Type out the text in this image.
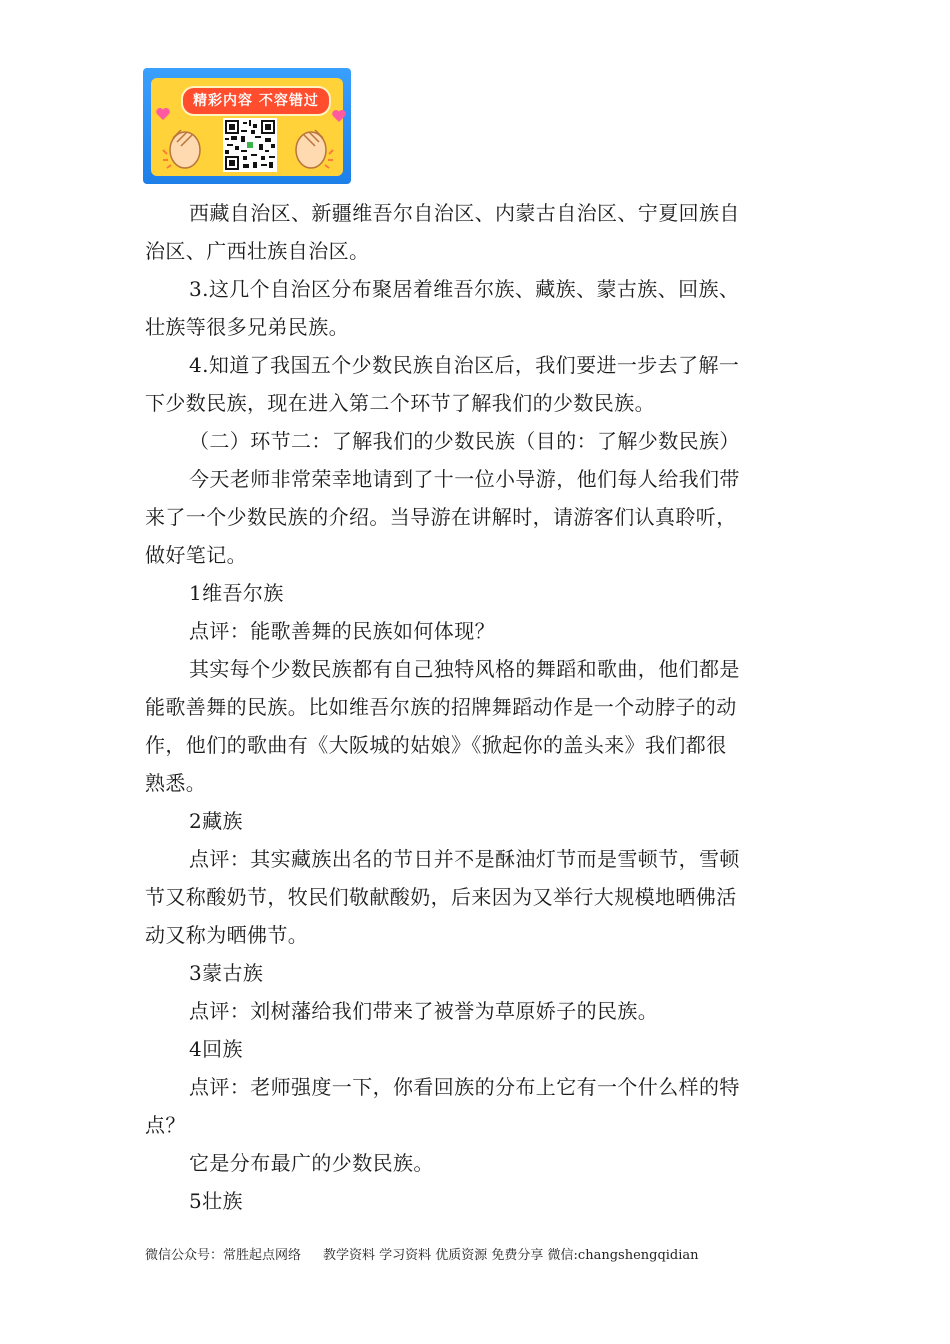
精彩内容 不容错过
西藏自治区、新疆维吾尔自治区、内蒙古自治区、宁夏回族自
治区、广西壮族自治区。
3.这几个自治区分布聚居着维吾尔族、藏族、蒙古族、回族、
壮族等很多兄弟民族。
4.知道了我国五个少数民族自治区后，我们要进一步去了解一
下少数民族，现在进入第二个环节了解我们的少数民族。
（二）环节二：了解我们的少数民族（目的：了解少数民族）
今天老师非常荣幸地请到了十一位小导游，他们每人给我们带
来了一个少数民族的介绍。当导游在讲解时，请游客们认真聆听，
做好笔记。
1维吾尔族
点评：能歌善舞的民族如何体现？
其实每个少数民族都有自己独特风格的舞蹈和歌曲，他们都是
能歌善舞的民族。比如维吾尔族的招牌舞蹈动作是一个动脖子的动
作，他们的歌曲有《大阪城的姑娘》《掀起你的盖头来》我们都很
熟悉。
2藏族
点评：其实藏族出名的节日并不是酥油灯节而是雪顿节，雪顿
节又称酸奶节，牧民们敬献酸奶，后来因为又举行大规模地晒佛活
动又称为晒佛节。
3蒙古族
点评：刘树藩给我们带来了被誉为草原娇子的民族。
4回族
点评：老师强度一下，你看回族的分布上它有一个什么样的特
点？
它是分布最广的少数民族。
5壮族
微信公众号：常胜起点网络 教学资料 学习资料 优质资源 免费分享 微信:changshengqidian
